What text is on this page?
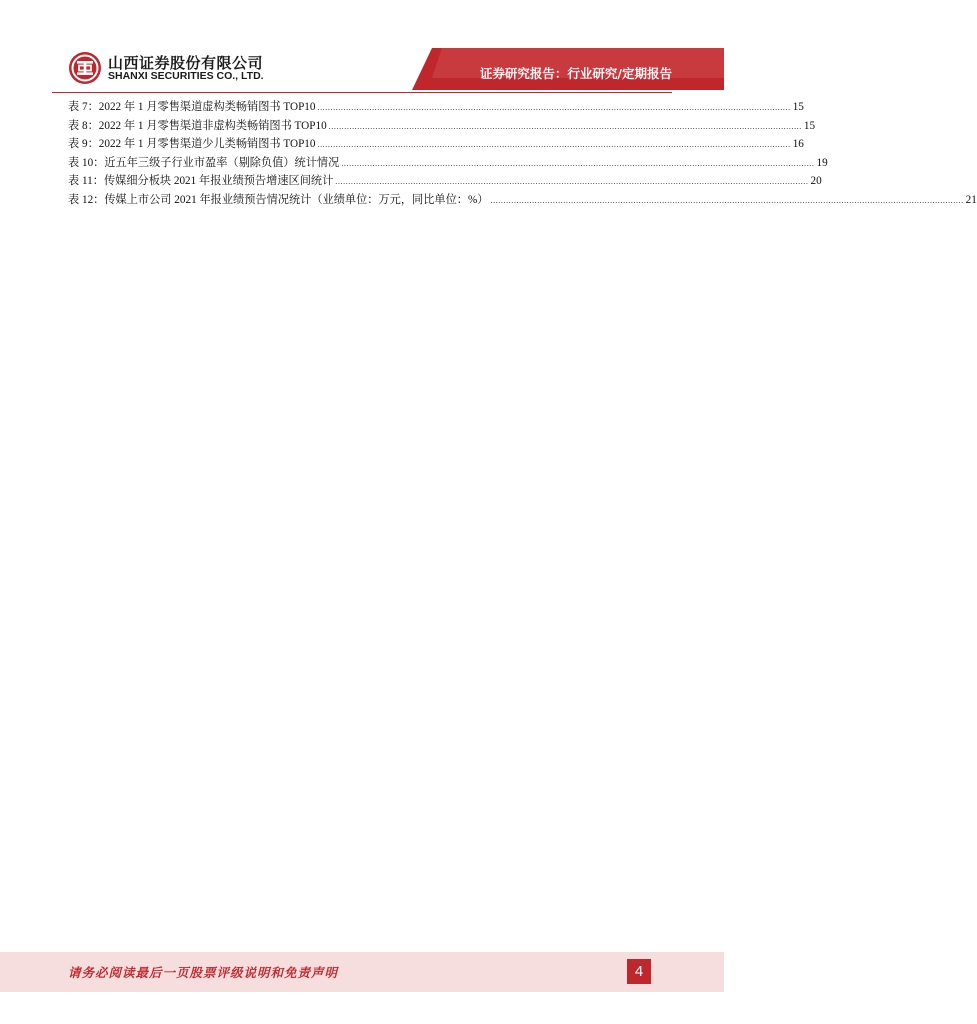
山西证券股份有限公司
SHANXI SECURITIES CO., LTD.	证券研究报告：行业研究/定期报告
表 7：2022 年 1 月零售渠道虚构类畅销图书 TOP10 ...................................................................................................................................................................................... 15
表 8：2022 年 1 月零售渠道非虚构类畅销图书 TOP10 ...................................................................................................................................................................................... 15
表 9：2022 年 1 月零售渠道少儿类畅销图书 TOP10 ...................................................................................................................................................................................... 16
表 10：近五年三级子行业市盈率（剔除负值）统计情况 ...................................................................................................................................................................................... 19
表 11：传媒细分板块 2021 年报业绩预告增速区间统计 ...................................................................................................................................................................................... 20
表 12：传媒上市公司 2021 年报业绩预告情况统计（业绩单位：万元，同比单位：%） ...................................................................................................................................................................................... 21
请务必阅读最后一页股票评级说明和免责声明	4
